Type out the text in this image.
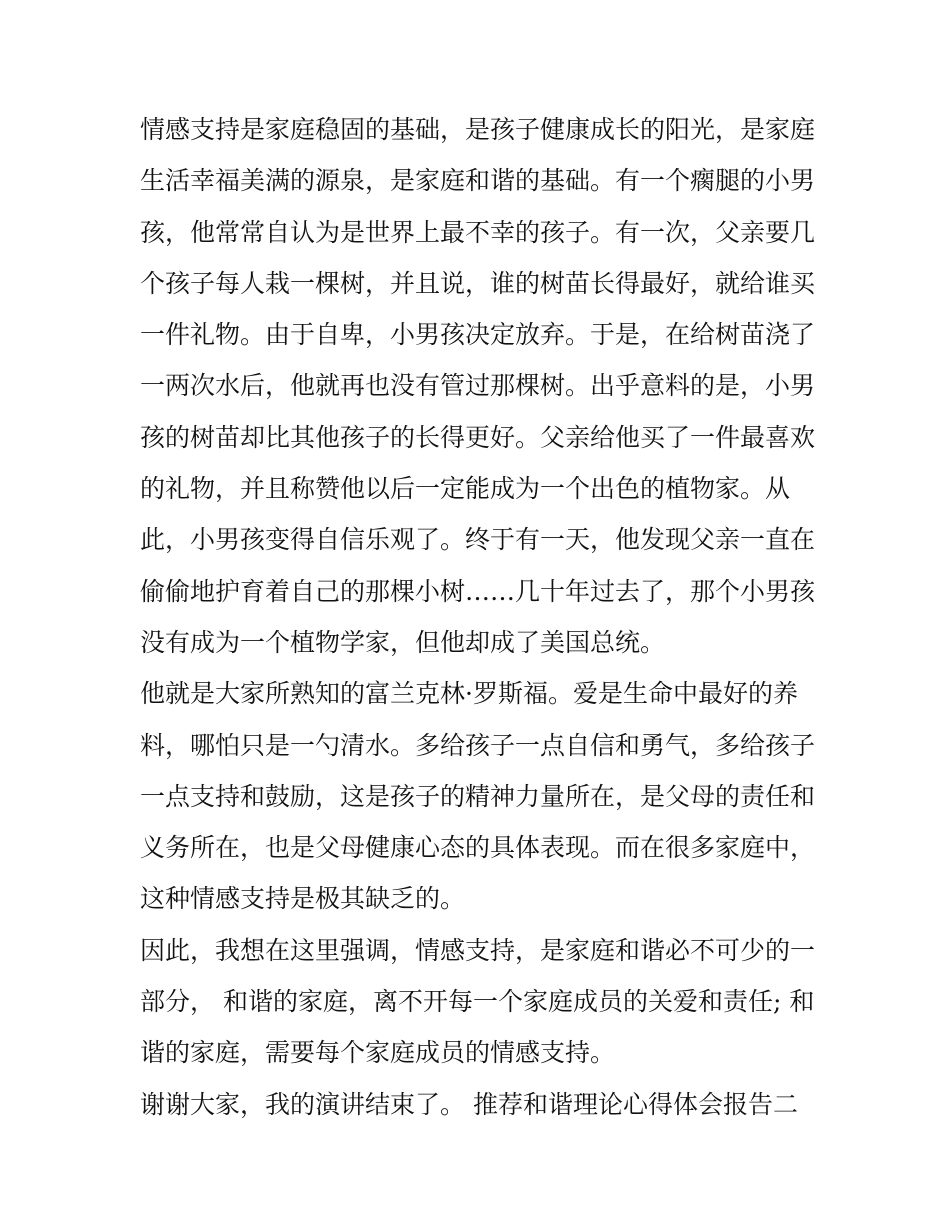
情感支持是家庭稳固的基础，是孩子健康成长的阳光，是家庭
生活幸福美满的源泉，是家庭和谐的基础。有一个瘸腿的小男
孩，他常常自认为是世界上最不幸的孩子。有一次，父亲要几
个孩子每人栽一棵树，并且说，谁的树苗长得最好，就给谁买
一件礼物。由于自卑，小男孩决定放弃。于是，在给树苗浇了
一两次水后，他就再也没有管过那棵树。出乎意料的是，小男
孩的树苗却比其他孩子的长得更好。父亲给他买了一件最喜欢
的礼物，并且称赞他以后一定能成为一个出色的植物家。从
此，小男孩变得自信乐观了。终于有一天，他发现父亲一直在
偷偷地护育着自己的那棵小树……几十年过去了，那个小男孩
没有成为一个植物学家，但他却成了美国总统。
他就是大家所熟知的富兰克林·罗斯福。爱是生命中最好的养
料，哪怕只是一勺清水。多给孩子一点自信和勇气，多给孩子
一点支持和鼓励，这是孩子的精神力量所在，是父母的责任和
义务所在，也是父母健康心态的具体表现。而在很多家庭中，
这种情感支持是极其缺乏的。
因此，我想在这里强调，情感支持，是家庭和谐必不可少的一
部分， 和谐的家庭，离不开每一个家庭成员的关爱和责任; 和
谐的家庭，需要每个家庭成员的情感支持。
谢谢大家，我的演讲结束了。 推荐和谐理论心得体会报告二
